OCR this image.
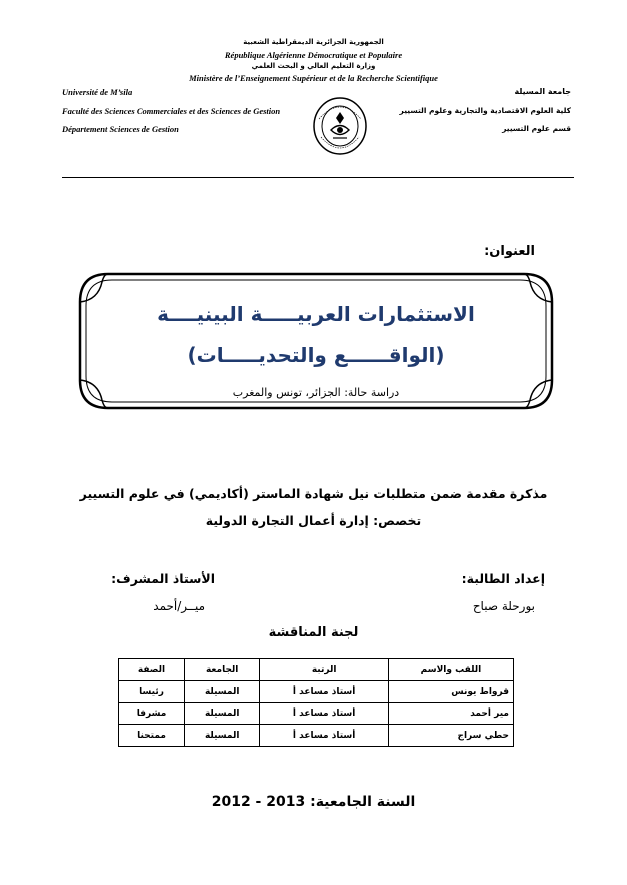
الجمهورية الجزائرية الديمقراطية الشعبية
République Algérienne Démocratique et Populaire
وزارة التعليم العالي و البحث العلمي
Ministère de l’Enseignement Supérieur et de la Recherche Scientifique
Université de M’sila
Faculté des Sciences Commerciales et des Sciences de Gestion
Département Sciences de Gestion
جامعة المسيلة
كلية العلوم الاقتصادية والتجارية وعلوم التسيير
قسم علوم التسيير
العنوان:
الاستثمارات العربيـــــة البينيــــة
(الواقــــــع والتحديـــــات)
دراسة حالة: الجزائر، تونس والمغرب
مذكرة مقدمة ضمن متطلبات نيل شهادة الماستر (أكاديمي) في علوم التسيير
تخصص: إدارة أعمال التجارة الدولية
إعداد الطالبة:
بورحلة صباح
الأستاذ المشرف:
ميــر/أحمد
لجنة المناقشة
اللقب والاسم	الرتبة	الجامعة	الصفة
قرواط يونس	أستاذ مساعد أ	المسيلة	رئيسا
مير أحمد	أستاذ مساعد أ	المسيلة	مشرفا
حطي سراج	أستاذ مساعد أ	المسيلة	ممتحنا
السنة الجامعية: 2012 - 2013
